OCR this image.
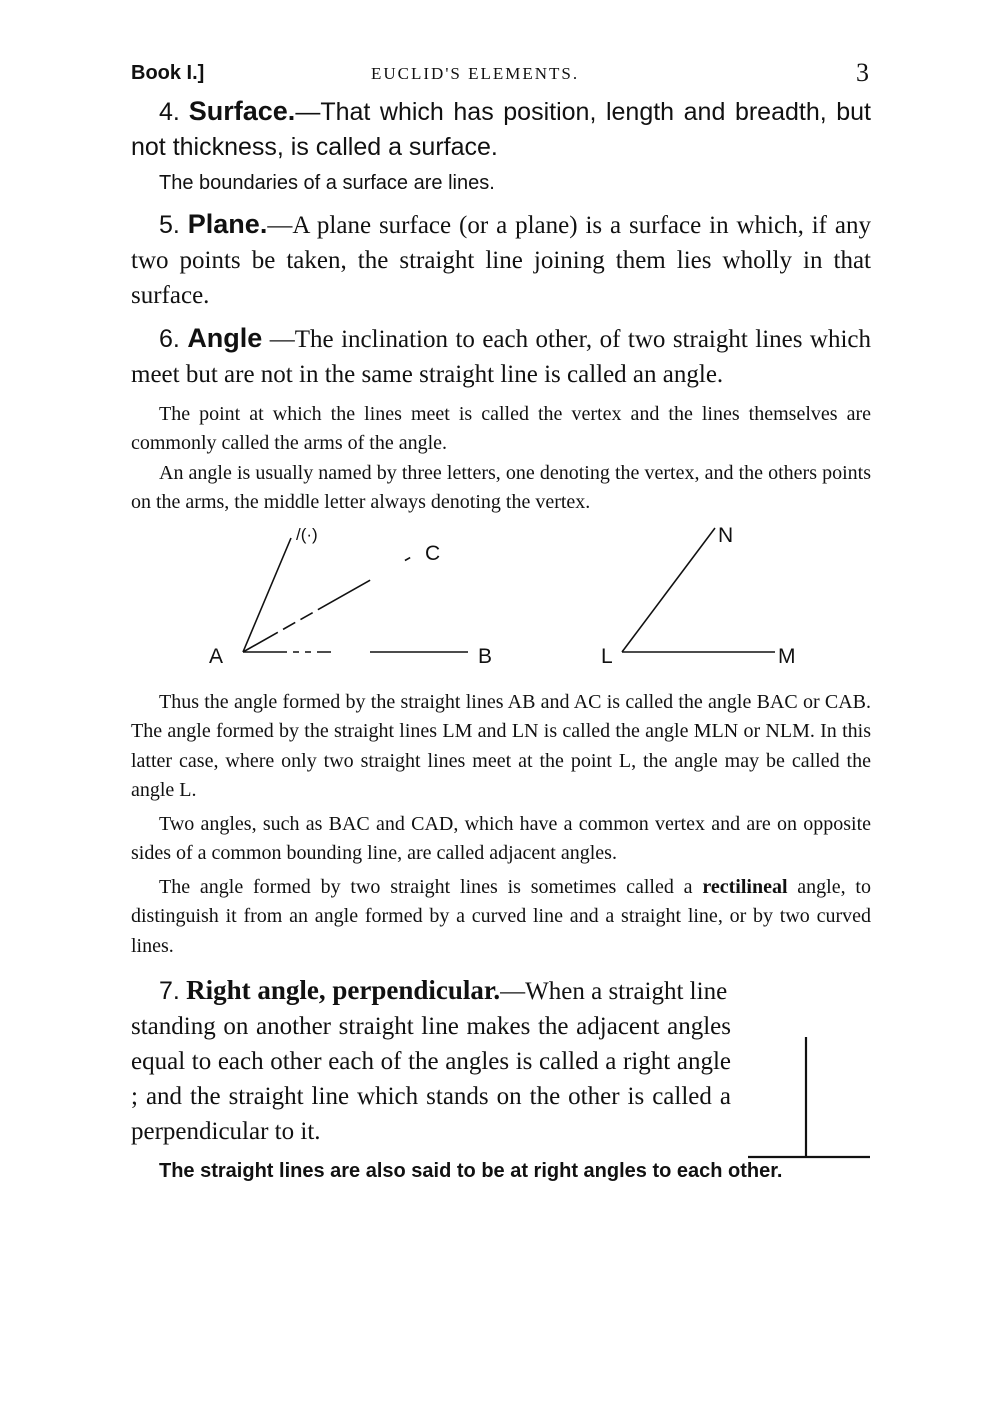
Book I.]	EUCLID'S ELEMENTS.	3

4. Surface.—That which has position, length and breadth, but not thickness, is called a surface.

The boundaries of a surface are lines.

5. Plane.—A plane surface (or a plane) is a surface in which, if any two points be taken, the straight line joining them lies wholly in that surface.

6. Angle —The inclination to each other, of two straight lines which meet but are not in the same straight line is called an angle.

The point at which the lines meet is called the vertex and the lines themselves are commonly called the arms of the angle.

An angle is usually named by three letters, one denoting the vertex, and the others points on the arms, the middle letter always denoting the vertex.

A	B
C
/(·)
L	M
N

Thus the angle formed by the straight lines AB and AC is called the angle BAC or CAB. The angle formed by the straight lines LM and LN is called the angle MLN or NLM. In this latter case, where only two straight lines meet at the point L, the angle may be called the angle L.

Two angles, such as BAC and CAD, which have a common vertex and are on opposite sides of a common bounding line, are called adjacent angles.

The angle formed by two straight lines is sometimes called a rectilineal angle, to distinguish it from an angle formed by a curved line and a straight line, or by two curved lines.

7. Right angle, perpendicular.—When a straight line
standing on another straight line makes the adjacent angles equal to each other each of the angles is called a right angle ; and the straight line which stands on the other is called a perpendicular to it.

The straight lines are also said to be at right angles to each other.
